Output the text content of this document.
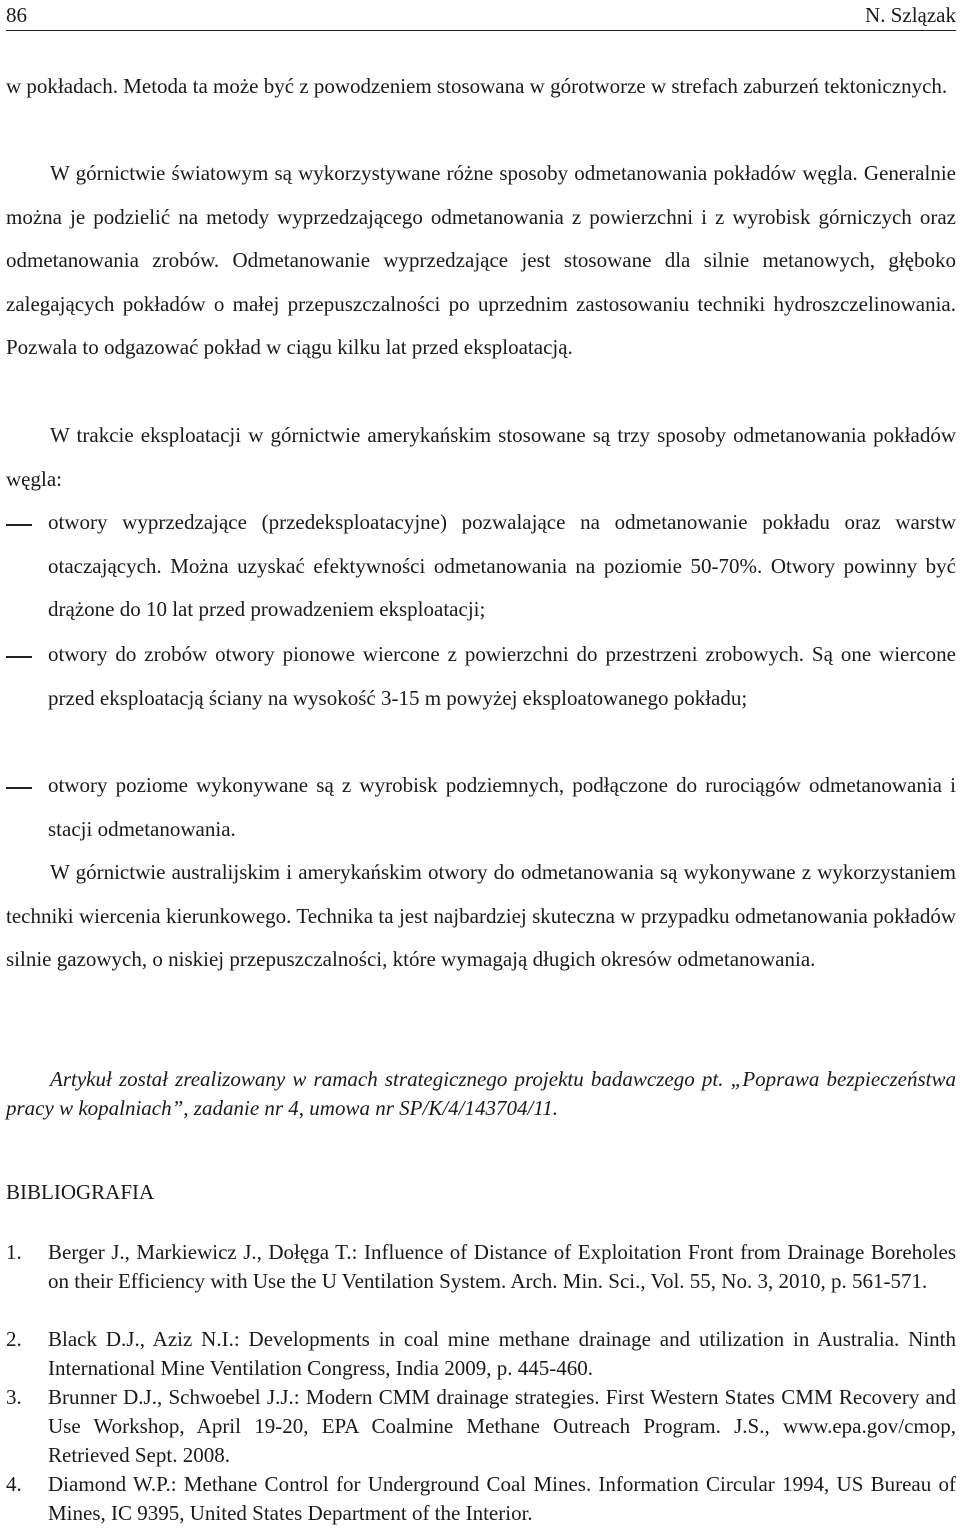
86	N. Szlązak

w pokładach. Metoda ta może być z powodzeniem stosowana w górotworze w strefach zaburzeń tektonicznych.

W górnictwie światowym są wykorzystywane różne sposoby odmetanowania pokładów węgla. Generalnie można je podzielić na metody wyprzedzającego odmetanowania z powierzchni i z wyrobisk górniczych oraz odmetanowania zrobów. Odmetanowanie wyprzedzające jest stosowane dla silnie metanowych, głęboko zalegających pokładów o małej przepuszczalności po uprzednim zastosowaniu techniki hydroszczelinowania. Pozwala to odgazować pokład w ciągu kilku lat przed eksploatacją.

W trakcie eksploatacji w górnictwie amerykańskim stosowane są trzy sposoby odmetanowania pokładów węgla:

otwory wyprzedzające (przedeksploatacyjne) pozwalające na odmetanowanie pokładu oraz warstw otaczających. Można uzyskać efektywności odmetanowania na poziomie 50-70%. Otwory powinny być drążone do 10 lat przed prowadzeniem eksploatacji;

otwory do zrobów otwory pionowe wiercone z powierzchni do przestrzeni zrobowych. Są one wiercone przed eksploatacją ściany na wysokość 3-15 m powyżej eksploatowanego pokładu;

otwory poziome wykonywane są z wyrobisk podziemnych, podłączone do rurociągów odmetanowania i stacji odmetanowania.

W górnictwie australijskim i amerykańskim otwory do odmetanowania są wykonywane z wykorzystaniem techniki wiercenia kierunkowego. Technika ta jest najbardziej skuteczna w przypadku odmetanowania pokładów silnie gazowych, o niskiej przepuszczalności, które wymagają długich okresów odmetanowania.

Artykuł został zrealizowany w ramach strategicznego projektu badawczego pt. „Poprawa bezpieczeństwa pracy w kopalniach”, zadanie nr 4, umowa nr SP/K/4/143704/11.

BIBLIOGRAFIA

1. Berger J., Markiewicz J., Dołęga T.: Influence of Distance of Exploitation Front from Drainage Boreholes on their Efficiency with Use the U Ventilation System. Arch. Min. Sci., Vol. 55, No. 3, 2010, p. 561-571.

2. Black D.J., Aziz N.I.: Developments in coal mine methane drainage and utilization in Australia. Ninth International Mine Ventilation Congress, India 2009, p. 445-460.

3. Brunner D.J., Schwoebel J.J.: Modern CMM drainage strategies. First Western States CMM Recovery and Use Workshop, April 19-20, EPA Coalmine Methane Outreach Program. J.S., www.epa.gov/cmop, Retrieved Sept. 2008.

4. Diamond W.P.: Methane Control for Underground Coal Mines. Information Circular 1994, US Bureau of Mines, IC 9395, United States Department of the Interior.
